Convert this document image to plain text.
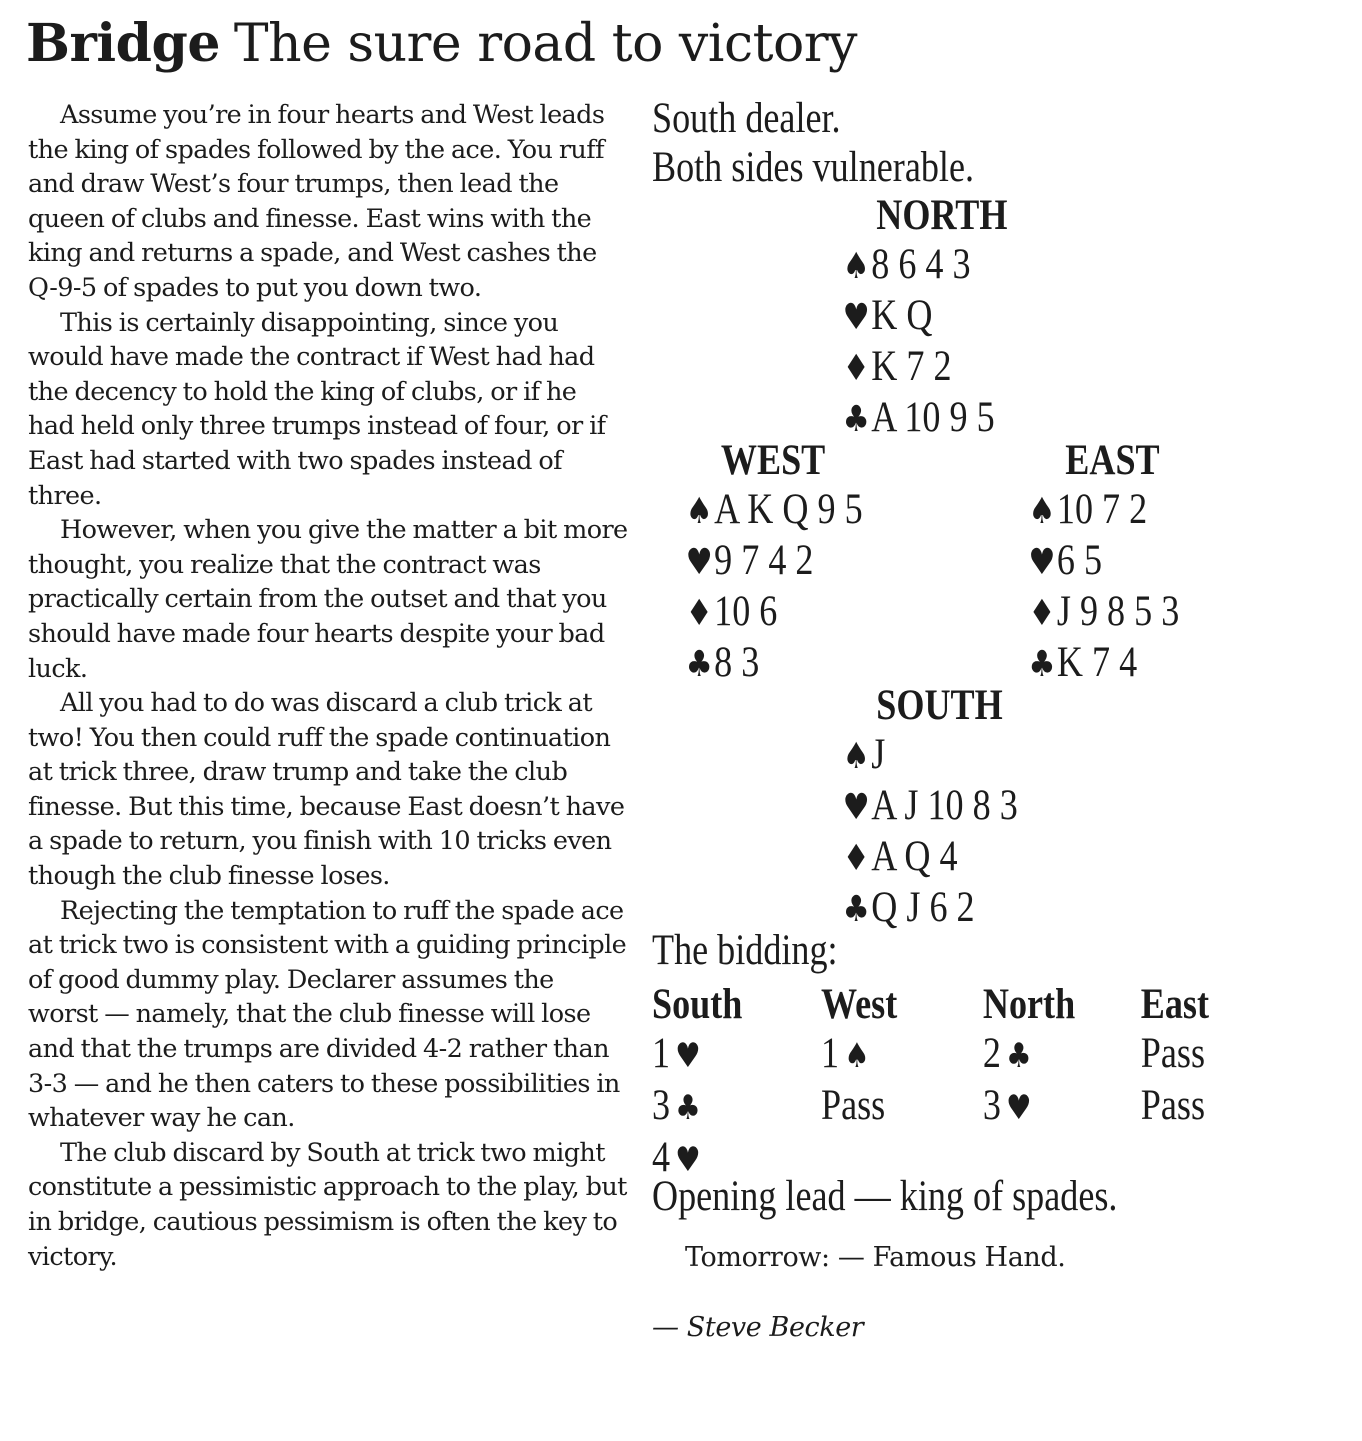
Bridge The sure road to victory

Assume you’re in four hearts and West leads the king of spades followed by the ace. You ruff and draw West’s four trumps, then lead the queen of clubs and finesse. East wins with the king and returns a spade, and West cashes the Q-9-5 of spades to put you down two.

This is certainly disappointing, since you would have made the contract if West had had the decency to hold the king of clubs, or if he had held only three trumps instead of four, or if East had started with two spades instead of three.

However, when you give the matter a bit more thought, you realize that the contract was practically certain from the outset and that you should have made four hearts despite your bad luck.

All you had to do was discard a club trick at two! You then could ruff the spade continuation at trick three, draw trump and take the club finesse. But this time, because East doesn’t have a spade to return, you finish with 10 tricks even though the club finesse loses.

Rejecting the temptation to ruff the spade ace at trick two is consistent with a guiding principle of good dummy play. Declarer assumes the worst — namely, that the club finesse will lose and that the trumps are divided 4-2 rather than 3-3 — and he then caters to these possibilities in whatever way he can.

The club discard by South at trick two might constitute a pessimistic approach to the play, but in bridge, cautious pessimism is often the key to victory.

South dealer.
Both sides vulnerable.
NORTH
♠8 6 4 3
♥K Q
♦K 7 2
♣A 10 9 5
WEST
♠A K Q 9 5
♥9 7 4 2
♦10 6
♣8 3
EAST
♠10 7 2
♥6 5
♦J 9 8 5 3
♣K 7 4
SOUTH
♠J
♥A J 10 8 3
♦A Q 4
♣Q J 6 2
The bidding:
South	West	North	East
1 ♥	1 ♠	2 ♣	Pass
3 ♣	Pass	3 ♥	Pass
4 ♥			
Opening lead — king of spades.
Tomorrow: — Famous Hand.
— Steve Becker
